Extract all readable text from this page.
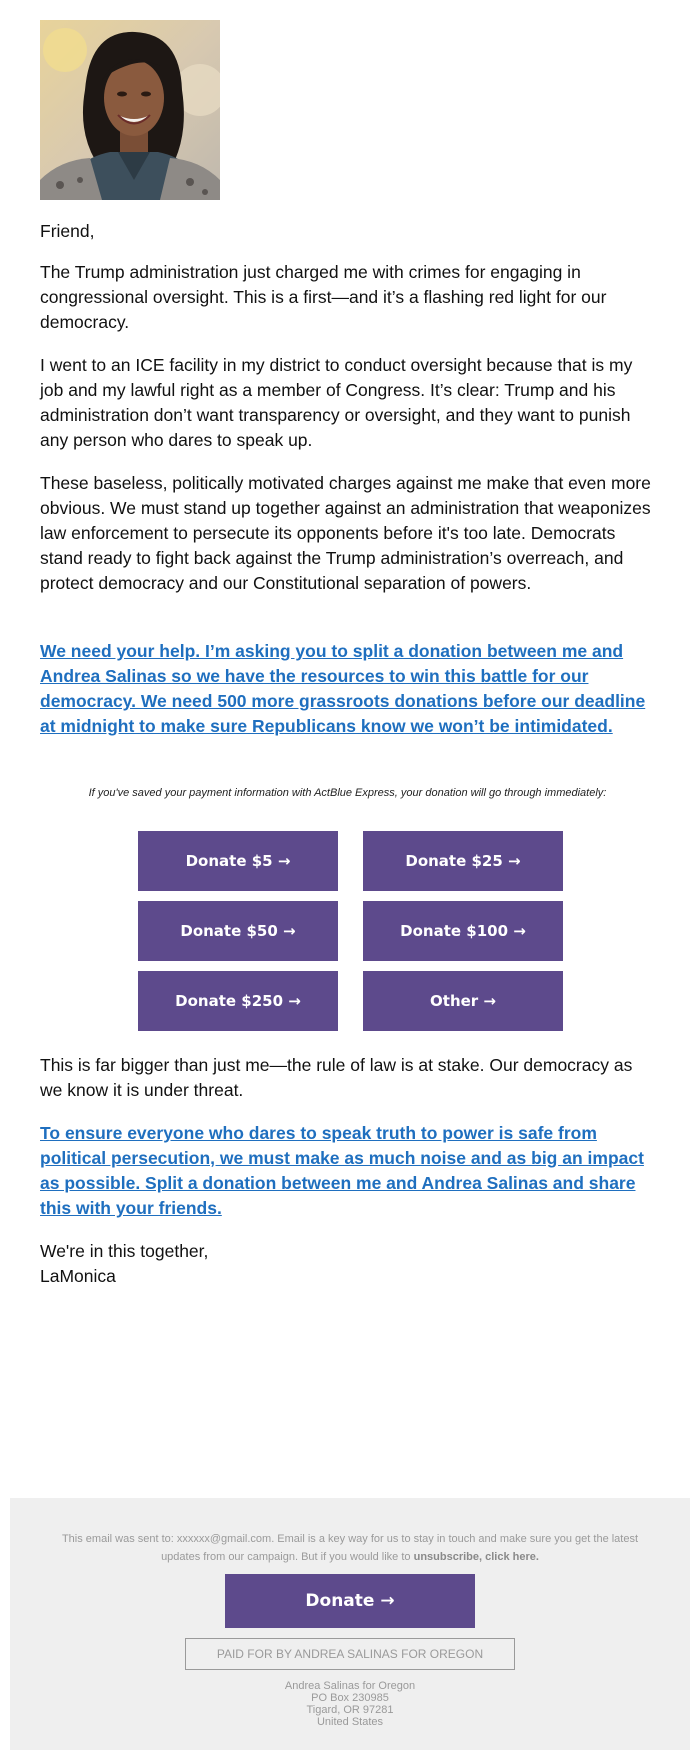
Friend,

The Trump administration just charged me with crimes for engaging in congressional oversight. This is a first—and it’s a flashing red light for our democracy.

I went to an ICE facility in my district to conduct oversight because that is my job and my lawful right as a member of Congress. It’s clear: Trump and his administration don’t want transparency or oversight, and they want to punish any person who dares to speak up.

These baseless, politically motivated charges against me make that even more obvious. We must stand up together against an administration that weaponizes law enforcement to persecute its opponents before it's too late. Democrats stand ready to fight back against the Trump administration’s overreach, and protect democracy and our Constitutional separation of powers.

We need your help. I’m asking you to split a donation between me and Andrea Salinas so we have the resources to win this battle for our democracy. We need 500 more grassroots donations before our deadline at midnight to make sure Republicans know we won’t be intimidated.

If you've saved your payment information with ActBlue Express, your donation will go through immediately:
Donate $5 →	Donate $25 →
Donate $50 →	Donate $100 →
Donate $250 →	Other →

This is far bigger than just me—the rule of law is at stake. Our democracy as we know it is under threat.

To ensure everyone who dares to speak truth to power is safe from political persecution, we must make as much noise and as big an impact as possible. Split a donation between me and Andrea Salinas and share this with your friends.

We're in this together,

LaMonica

This email was sent to: xxxxxx@gmail.com. Email is a key way for us to stay in touch and make sure you get the latest updates from our campaign. But if you would like to unsubscribe, click here.
Donate →
PAID FOR BY ANDREA SALINAS FOR OREGON
Andrea Salinas for Oregon
PO Box 230985
Tigard, OR 97281
United States
